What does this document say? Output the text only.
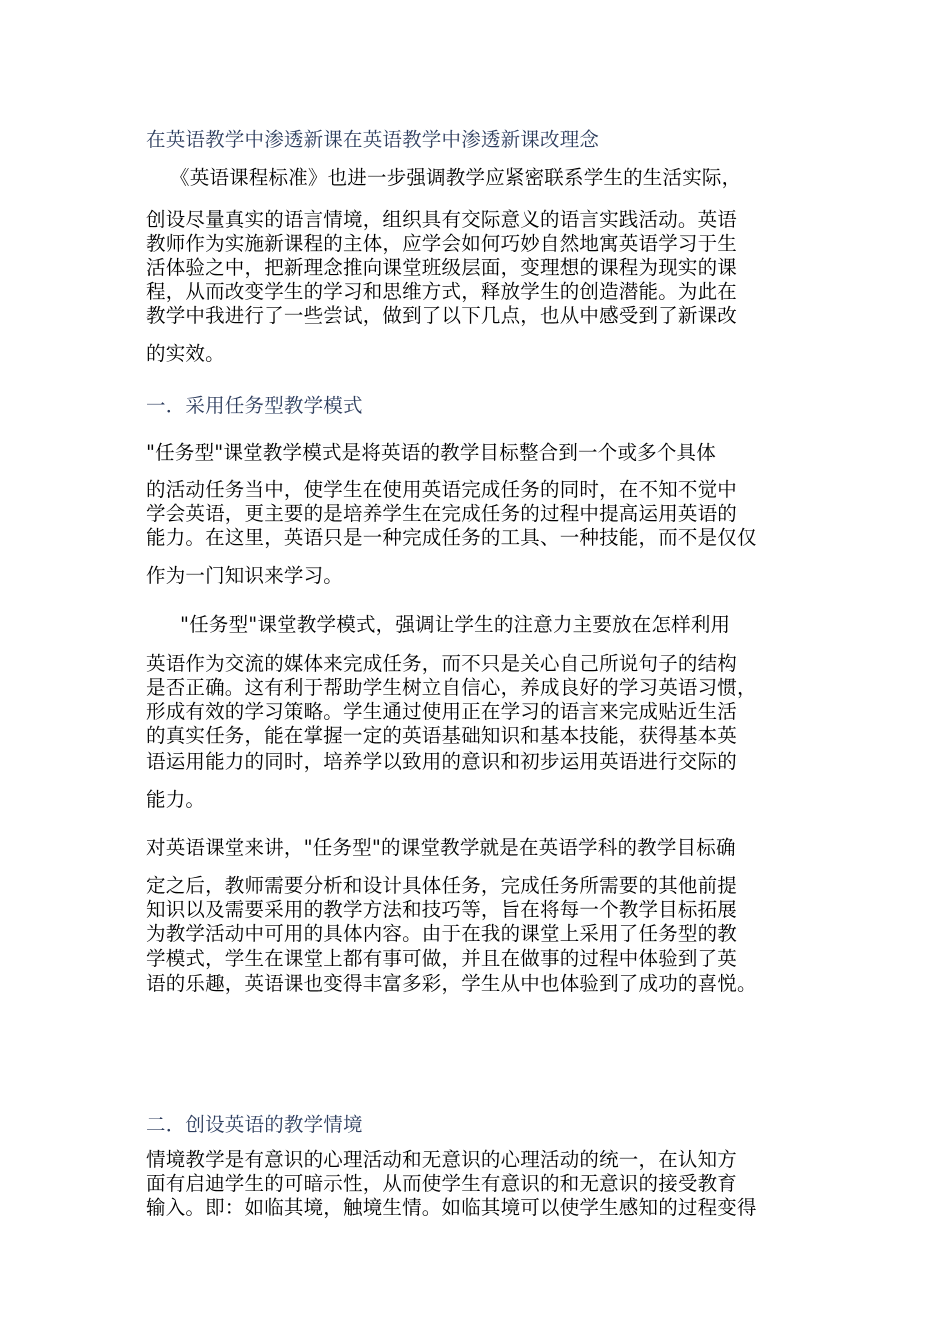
在英语教学中渗透新课在英语教学中渗透新课改理念

《英语课程标准》也进一步强调教学应紧密联系学生的生活实际，

创设尽量真实的语言情境，组织具有交际意义的语言实践活动。英语

教师作为实施新课程的主体，应学会如何巧妙自然地寓英语学习于生

活体验之中，把新理念推向课堂班级层面，变理想的课程为现实的课

程，从而改变学生的学习和思维方式，释放学生的创造潜能。为此在

教学中我进行了一些尝试，做到了以下几点，也从中感受到了新课改

的实效。

一．采用任务型教学模式

"任务型"课堂教学模式是将英语的教学目标整合到一个或多个具体

的活动任务当中，使学生在使用英语完成任务的同时，在不知不觉中

学会英语，更主要的是培养学生在完成任务的过程中提高运用英语的

能力。在这里，英语只是一种完成任务的工具、一种技能，而不是仅仅

作为一门知识来学习。

"任务型"课堂教学模式，强调让学生的注意力主要放在怎样利用

英语作为交流的媒体来完成任务，而不只是关心自己所说句子的结构

是否正确。这有利于帮助学生树立自信心，养成良好的学习英语习惯，

形成有效的学习策略。学生通过使用正在学习的语言来完成贴近生活

的真实任务，能在掌握一定的英语基础知识和基本技能，获得基本英

语运用能力的同时，培养学以致用的意识和初步运用英语进行交际的

能力。

对英语课堂来讲，"任务型"的课堂教学就是在英语学科的教学目标确

定之后，教师需要分析和设计具体任务，完成任务所需要的其他前提

知识以及需要采用的教学方法和技巧等，旨在将每一个教学目标拓展

为教学活动中可用的具体内容。由于在我的课堂上采用了任务型的教

学模式，学生在课堂上都有事可做，并且在做事的过程中体验到了英

语的乐趣，英语课也变得丰富多彩，学生从中也体验到了成功的喜悦。

二．创设英语的教学情境

情境教学是有意识的心理活动和无意识的心理活动的统一，在认知方

面有启迪学生的可暗示性，从而使学生有意识的和无意识的接受教育

输入。即：如临其境，触境生情。如临其境可以使学生感知的过程变得
